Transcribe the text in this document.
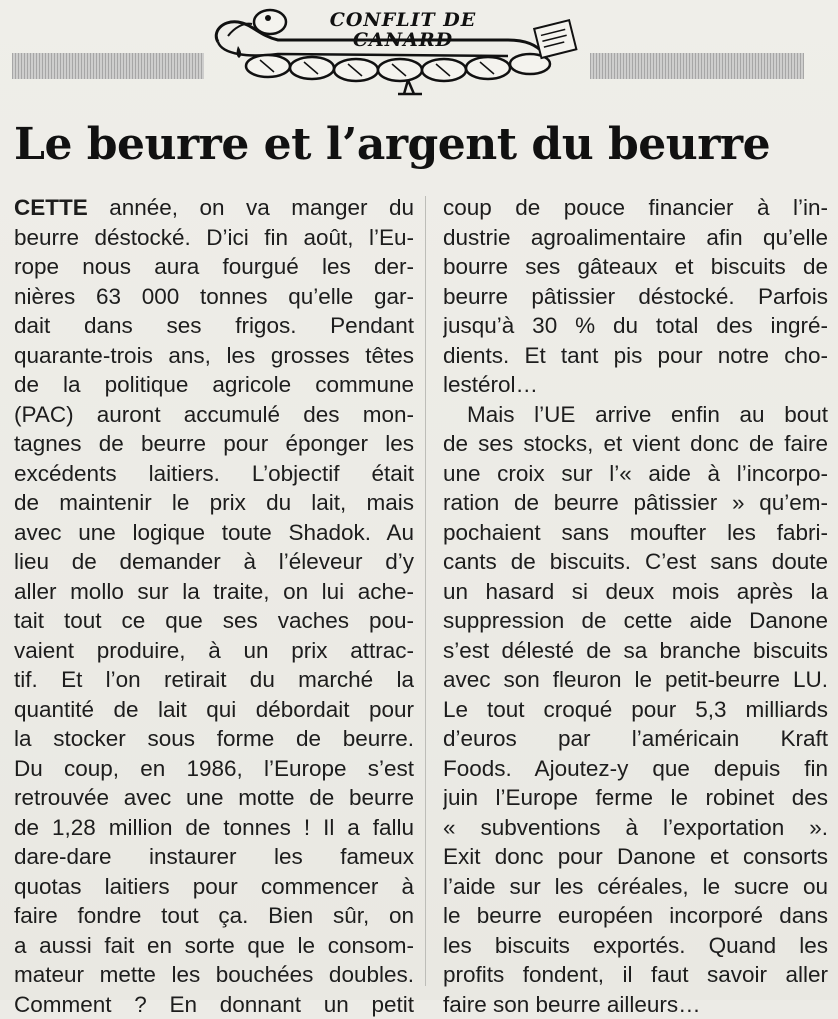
CONFLIT DE
CANARD
Le beurre et l’argent du beurre
CETTE année, on va manger du
beurre déstocké. D’ici fin août, l’Eu-
rope nous aura fourgué les der-
nières 63 000 tonnes qu’elle gar-
dait dans ses frigos. Pendant
quarante-trois ans, les grosses têtes
de la politique agricole commune
(PAC) auront accumulé des mon-
tagnes de beurre pour éponger les
excédents laitiers. L’objectif était
de maintenir le prix du lait, mais
avec une logique toute Shadok. Au
lieu de demander à l’éleveur d’y
aller mollo sur la traite, on lui ache-
tait tout ce que ses vaches pou-
vaient produire, à un prix attrac-
tif. Et l’on retirait du marché la
quantité de lait qui débordait pour
la stocker sous forme de beurre.
Du coup, en 1986, l’Europe s’est
retrouvée avec une motte de beurre
de 1,28 million de tonnes ! Il a fallu
dare-dare instaurer les fameux
quotas laitiers pour commencer à
faire fondre tout ça. Bien sûr, on
a aussi fait en sorte que le consom-
mateur mette les bouchées doubles.
Comment ? En donnant un petit
coup de pouce financier à l’in-
dustrie agroalimentaire afin qu’elle
bourre ses gâteaux et biscuits de
beurre pâtissier déstocké. Parfois
jusqu’à 30 % du total des ingré-
dients. Et tant pis pour notre cho-
lestérol…
Mais l’UE arrive enfin au bout
de ses stocks, et vient donc de faire
une croix sur l’« aide à l’incorpo-
ration de beurre pâtissier » qu’em-
pochaient sans moufter les fabri-
cants de biscuits. C’est sans doute
un hasard si deux mois après la
suppression de cette aide Danone
s’est délesté de sa branche biscuits
avec son fleuron le petit-beurre LU.
Le tout croqué pour 5,3 milliards
d’euros par l’américain Kraft
Foods. Ajoutez-y que depuis fin
juin l’Europe ferme le robinet des
« subventions à l’exportation ».
Exit donc pour Danone et consorts
l’aide sur les céréales, le sucre ou
le beurre européen incorporé dans
les biscuits exportés. Quand les
profits fondent, il faut savoir aller
faire son beurre ailleurs…
